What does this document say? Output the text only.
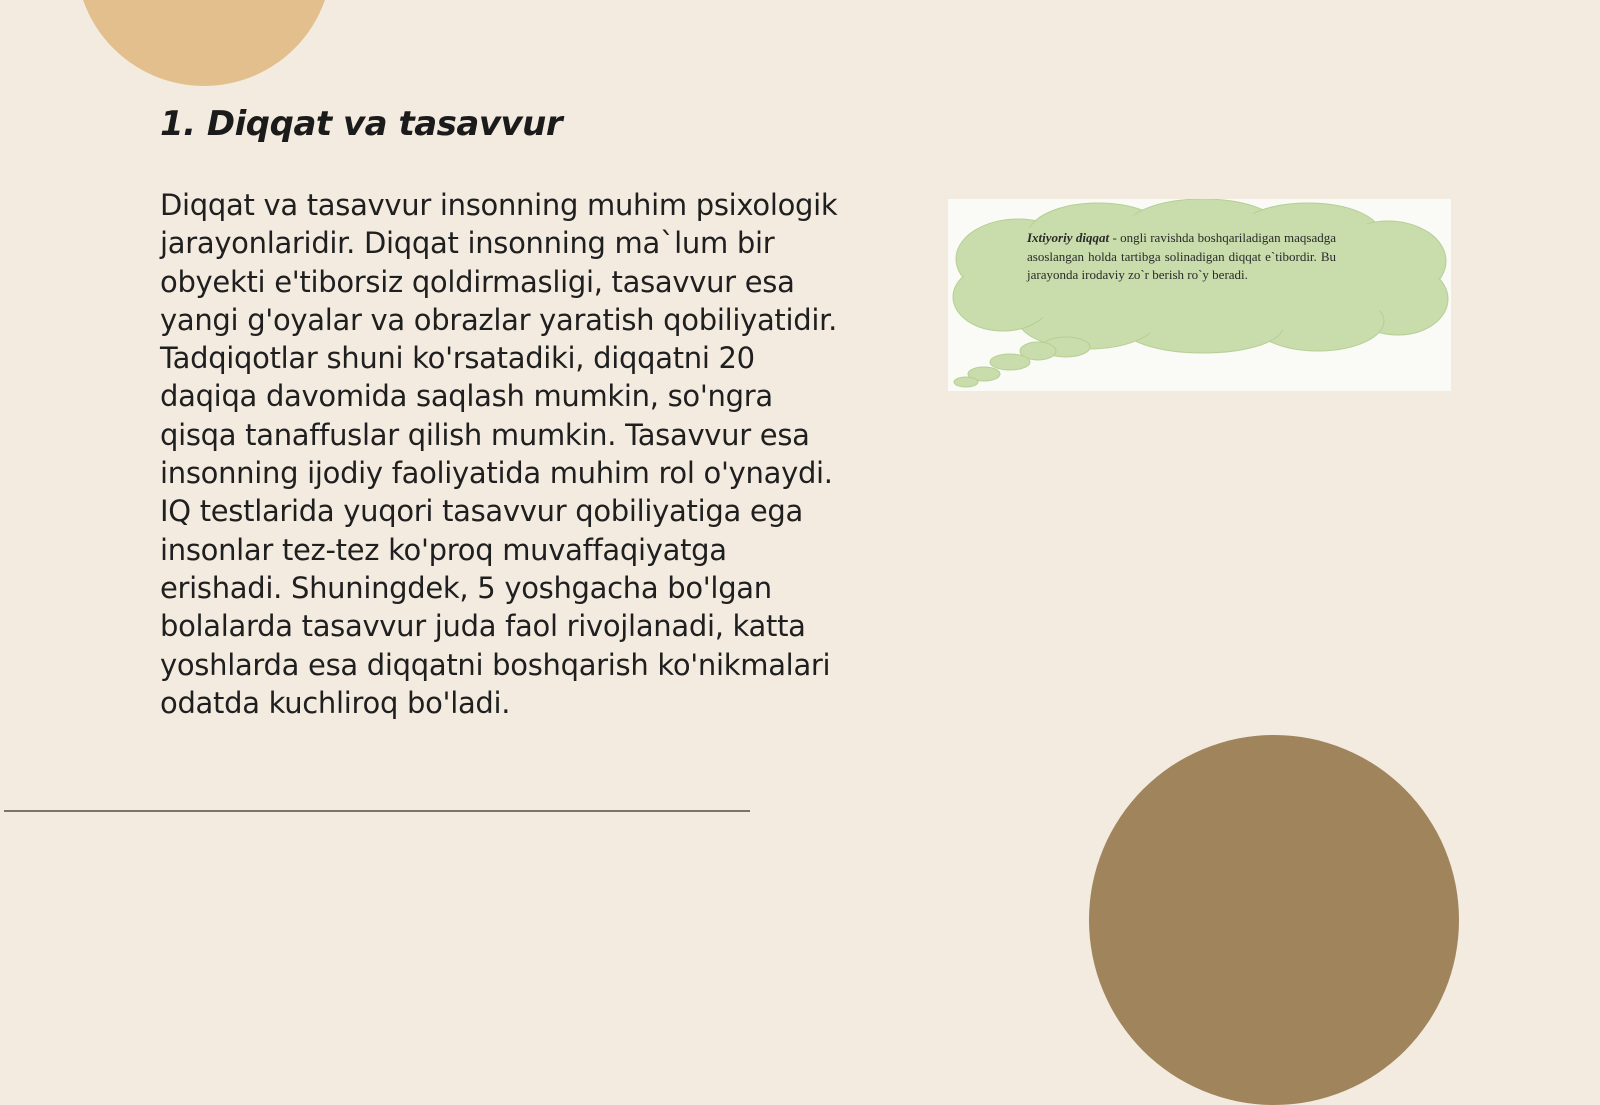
1. Diqqat va tasavvur

Diqqat va tasavvur insonning muhim psixologik jarayonlaridir. Diqqat insonning ma`lum bir obyekti e'tiborsiz qoldirmasligi, tasavvur esa yangi g'oyalar va obrazlar yaratish qobiliyatidir. Tadqiqotlar shuni ko'rsatadiki, diqqatni 20 daqiqa davomida saqlash mumkin, so'ngra qisqa tanaffuslar qilish mumkin. Tasavvur esa insonning ijodiy faoliyatida muhim rol o'ynaydi. IQ testlarida yuqori tasavvur qobiliyatiga ega insonlar tez-tez ko'proq muvaffaqiyatga erishadi. Shuningdek, 5 yoshgacha bo'lgan bolalarda tasavvur juda faol rivojlanadi, katta yoshlarda esa diqqatni boshqarish ko'nikmalari odatda kuchliroq bo'ladi.

Ixtiyoriy diqqat - ongli ravishda boshqariladigan maqsadga asoslangan holda tartibga solinadigan diqqat e`tibordir. Bu jarayonda irodaviy zo`r berish ro`y beradi.
